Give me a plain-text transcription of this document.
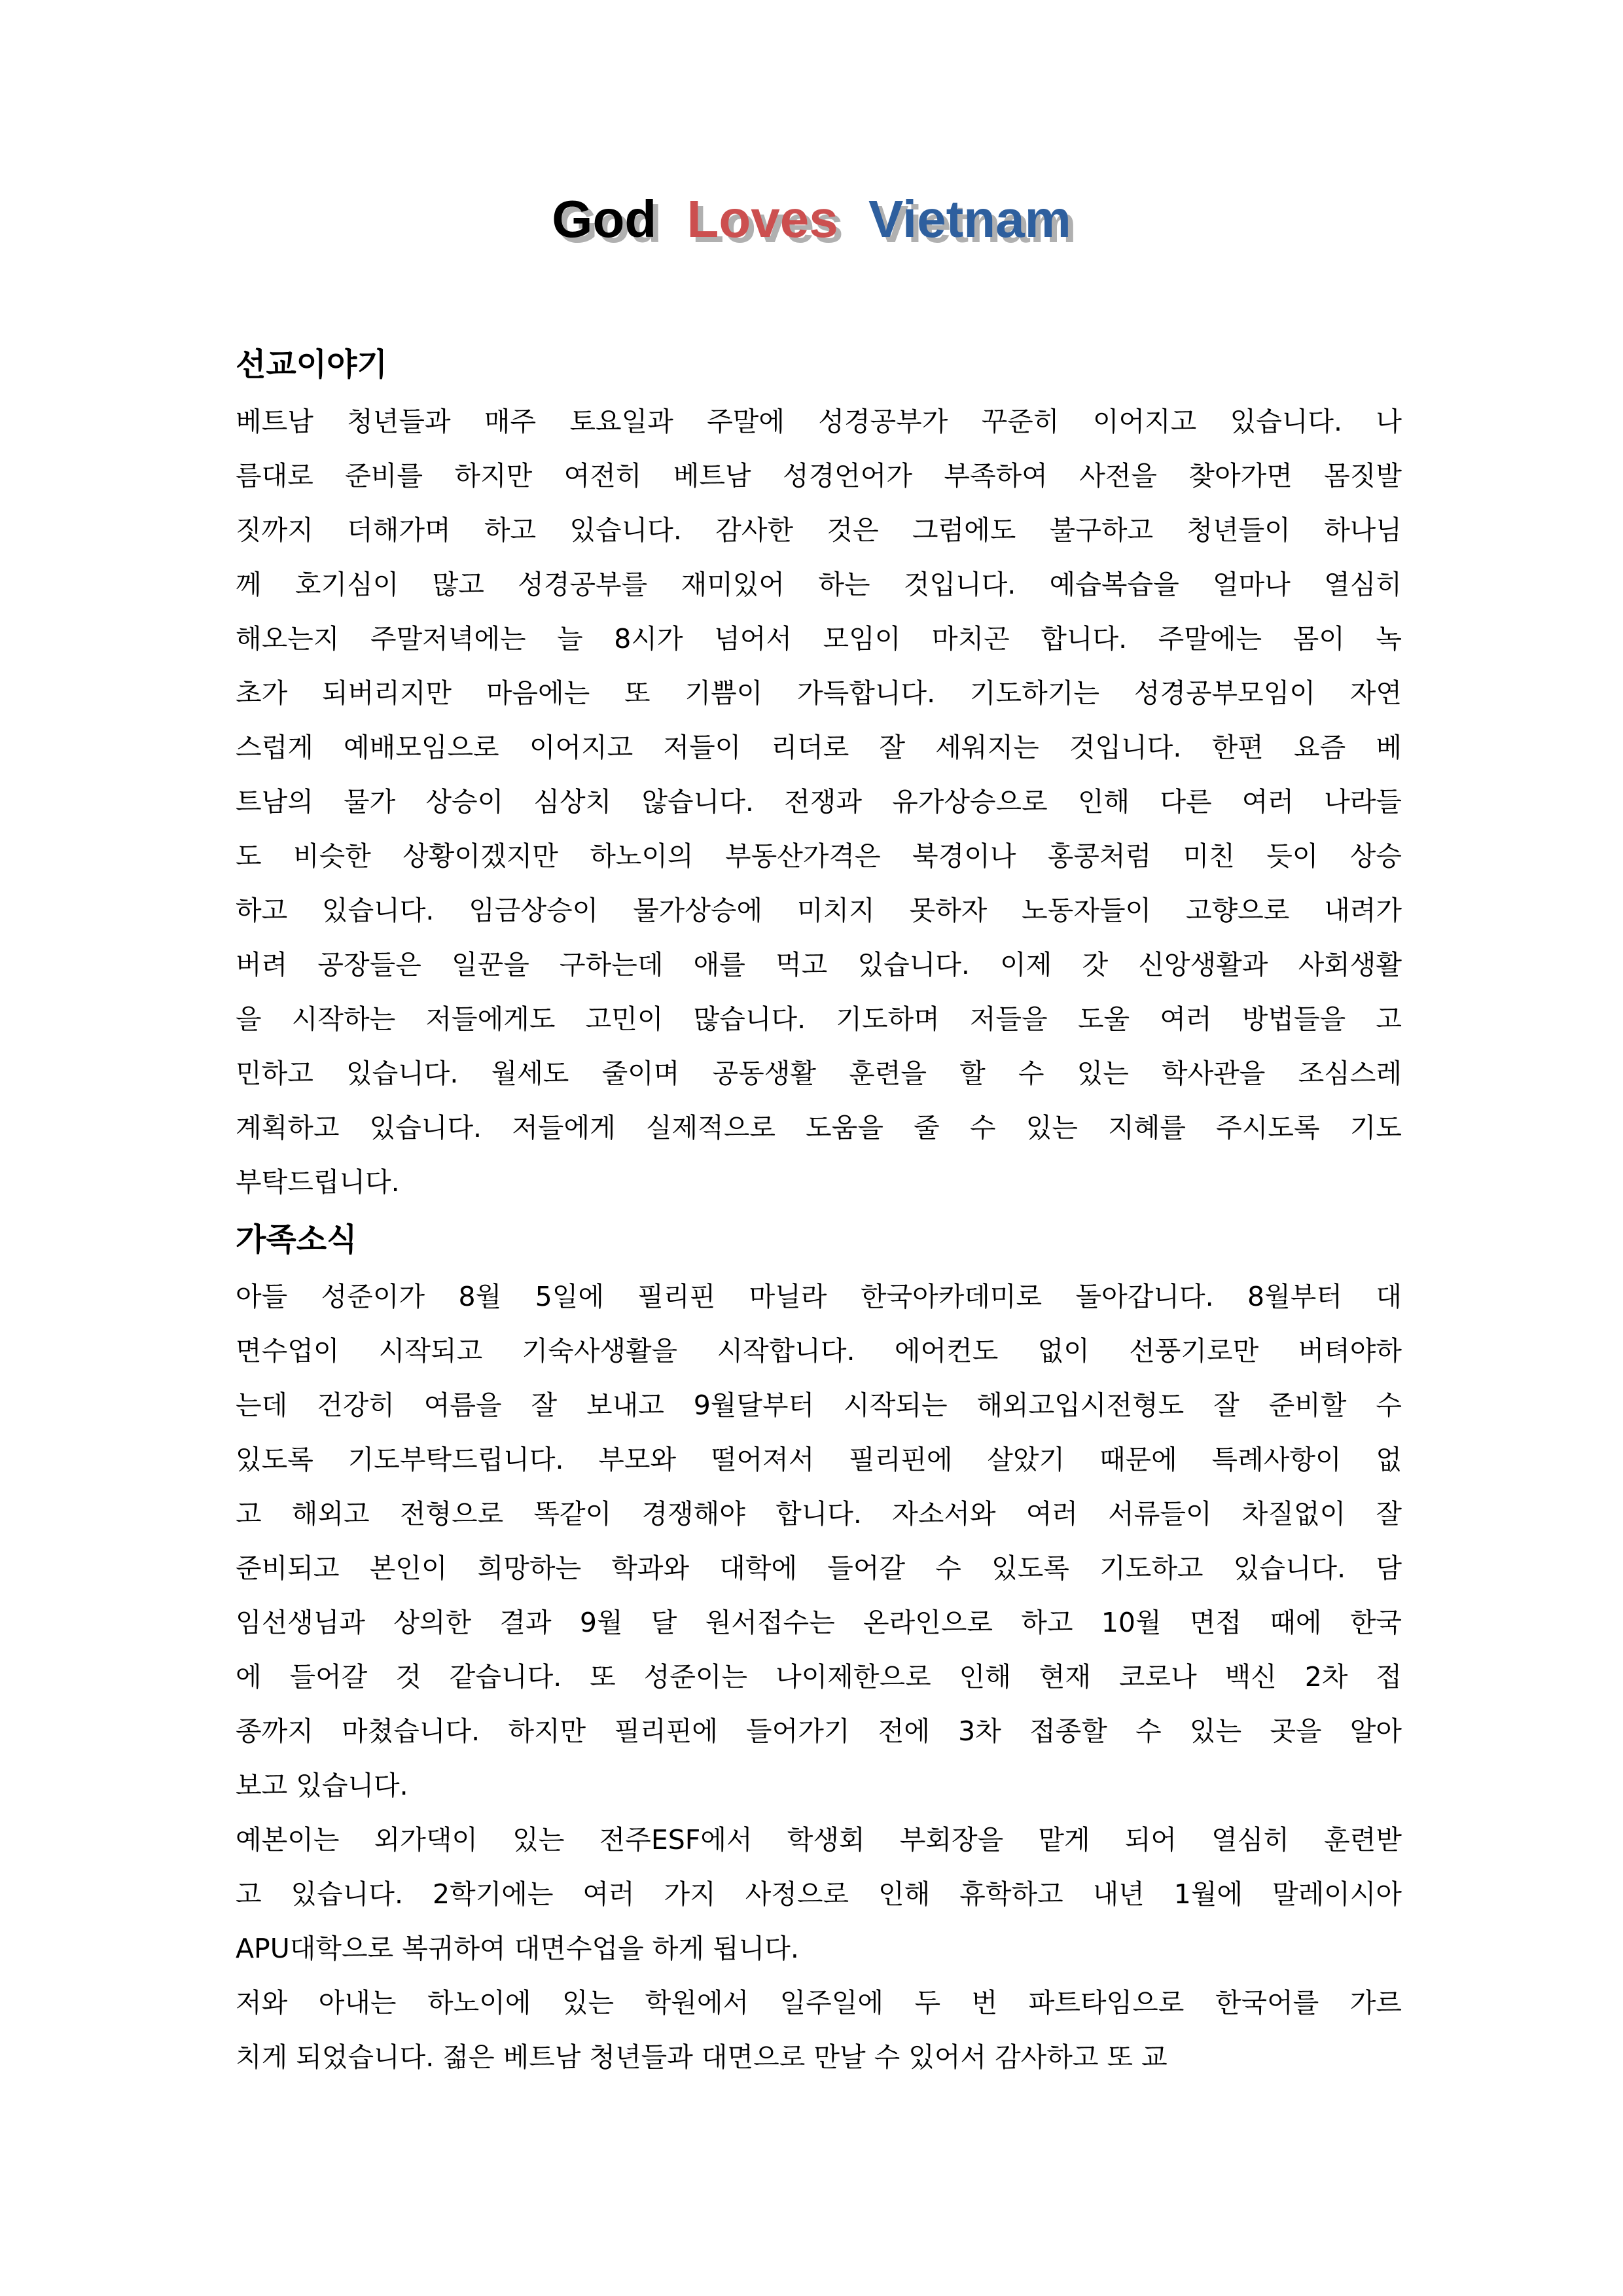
God Loves Vietnam
선교이야기
베트남 청년들과 매주 토요일과 주말에 성경공부가 꾸준히 이어지고 있습니다. 나
름대로 준비를 하지만 여전히 베트남 성경언어가 부족하여 사전을 찾아가면 몸짓발
짓까지 더해가며 하고 있습니다. 감사한 것은 그럼에도 불구하고 청년들이 하나님
께 호기심이 많고 성경공부를 재미있어 하는 것입니다. 예습복습을 얼마나 열심히
해오는지 주말저녁에는 늘 8시가 넘어서 모임이 마치곤 합니다. 주말에는 몸이 녹
초가 되버리지만 마음에는 또 기쁨이 가득합니다. 기도하기는 성경공부모임이 자연
스럽게 예배모임으로 이어지고 저들이 리더로 잘 세워지는 것입니다. 한편 요즘 베
트남의 물가 상승이 심상치 않습니다. 전쟁과 유가상승으로 인해 다른 여러 나라들
도 비슷한 상황이겠지만 하노이의 부동산가격은 북경이나 홍콩처럼 미친 듯이 상승
하고 있습니다. 임금상승이 물가상승에 미치지 못하자 노동자들이 고향으로 내려가
버려 공장들은 일꾼을 구하는데 애를 먹고 있습니다. 이제 갓 신앙생활과 사회생활
을 시작하는 저들에게도 고민이 많습니다. 기도하며 저들을 도울 여러 방법들을 고
민하고 있습니다. 월세도 줄이며 공동생활 훈련을 할 수 있는 학사관을 조심스레
계획하고 있습니다. 저들에게 실제적으로 도움을 줄 수 있는 지혜를 주시도록 기도
부탁드립니다.
가족소식
아들 성준이가 8월 5일에 필리핀 마닐라 한국아카데미로 돌아갑니다. 8월부터 대
면수업이 시작되고 기숙사생활을 시작합니다. 에어컨도 없이 선풍기로만 버텨야하
는데 건강히 여름을 잘 보내고 9월달부터 시작되는 해외고입시전형도 잘 준비할 수
있도록 기도부탁드립니다. 부모와 떨어져서 필리핀에 살았기 때문에 특례사항이 없
고 해외고 전형으로 똑같이 경쟁해야 합니다. 자소서와 여러 서류들이 차질없이 잘
준비되고 본인이 희망하는 학과와 대학에 들어갈 수 있도록 기도하고 있습니다. 담
임선생님과 상의한 결과 9월 달 원서접수는 온라인으로 하고 10월 면접 때에 한국
에 들어갈 것 같습니다. 또 성준이는 나이제한으로 인해 현재 코로나 백신 2차 접
종까지 마쳤습니다. 하지만 필리핀에 들어가기 전에 3차 접종할 수 있는 곳을 알아
보고 있습니다.
예본이는 외가댁이 있는 전주ESF에서 학생회 부회장을 맡게 되어 열심히 훈련받
고 있습니다. 2학기에는 여러 가지 사정으로 인해 휴학하고 내년 1월에 말레이시아
APU대학으로 복귀하여 대면수업을 하게 됩니다.
저와 아내는 하노이에 있는 학원에서 일주일에 두 번 파트타임으로 한국어를 가르
치게 되었습니다. 젊은 베트남 청년들과 대면으로 만날 수 있어서 감사하고 또 교
